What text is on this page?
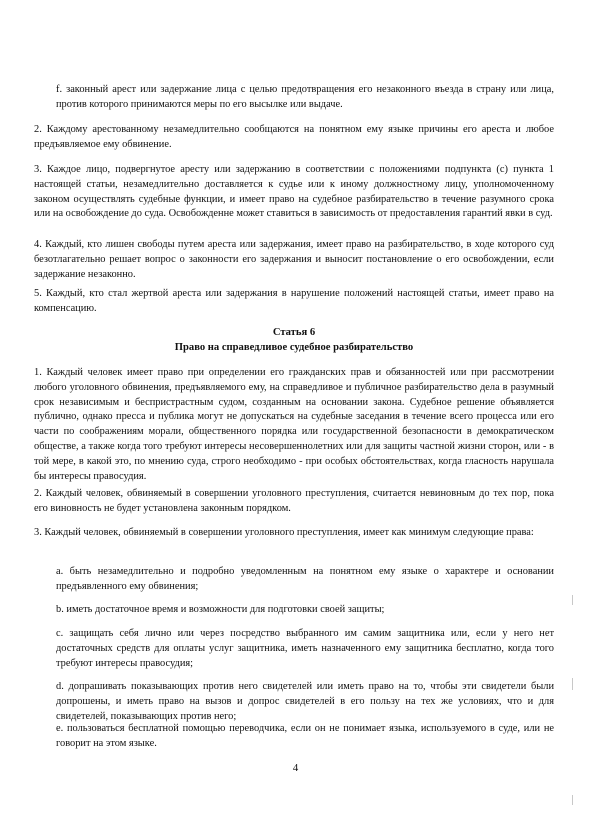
f. законный арест или задержание лица с целью предотвращения его незаконного въезда в страну или лица, против которого принимаются меры по его высылке или выдаче.

2. Каждому арестованному незамедлительно сообщаются на понятном ему языке причины его ареста и любое предъявляемое ему обвинение.

3. Каждое лицо, подвергнутое аресту или задержанию в соответствии с положениями подпункта (с) пункта 1 настоящей статьи, незамедлительно доставляется к судье или к иному должностному лицу, уполномоченному законом осуществлять судебные функции, и имеет право на судебное разбирательство в течение разумного срока или на освобождение до суда. Освобожденне может ставиться в зависимость от предоставления гарантий явки в суд.

4. Каждый, кто лишен свободы путем ареста или задержания, имеет право на разбирательство, в ходе которого суд безотлагательно решает вопрос о законности его задержания и выносит постановление о его освобождении, если задержание незаконно.

5. Каждый, кто стал жертвой ареста или задержания в нарушение положений настоящей статьи, имеет право на компенсацию.

Статья 6
Право на справедливое судебное разбирательство

1. Каждый человек имеет право при определении его гражданских прав и обязанностей или при рассмотрении любого уголовного обвинения, предъявляемого ему, на справедливое и публичное разбирательство дела в разумный срок независимым и беспристрастным судом, созданным на основании закона. Судебное решение объявляется публично, однако пресса и публика могут не допускаться на судебные заседания в течение всего процесса или его части по соображениям морали, общественного порядка или государственной безопасности в демократическом обществе, а также когда того требуют интересы несовершеннолетних или для защиты частной жизни сторон, или - в той мере, в какой это, по мнению суда, строго необходимо - при особых обстоятельствах, когда гласность нарушала бы интересы правосудия.

2. Каждый человек, обвиняемый в совершении уголовного преступления, считается невиновным до тех пор, пока его виновность не будет установлена законным порядком.

3. Каждый человек, обвиняемый в совершении уголовного преступления, имеет как минимум следующие права:

a. быть незамедлительно и подробно уведомленным на понятном ему языке о характере и основании предъявленного ему обвинения;

b. иметь достаточное время и возможности для подготовки своей защиты;

c. защищать себя лично или через посредство выбранного им самим защитника или, если у него нет достаточных средств для оплаты услуг защитника, иметь назначенного ему защитника бесплатно, когда того требуют интересы правосудия;

d. допрашивать показывающих против него свидетелей или иметь право на то, чтобы эти свидетели были допрошены, и иметь право на вызов и допрос свидетелей в его пользу на тех же условиях, что и для свидетелей, показывающих против него;

e. пользоваться бесплатной помощью переводчика, если он не понимает языка, используемого в суде, или не говорит на этом языке.

4
